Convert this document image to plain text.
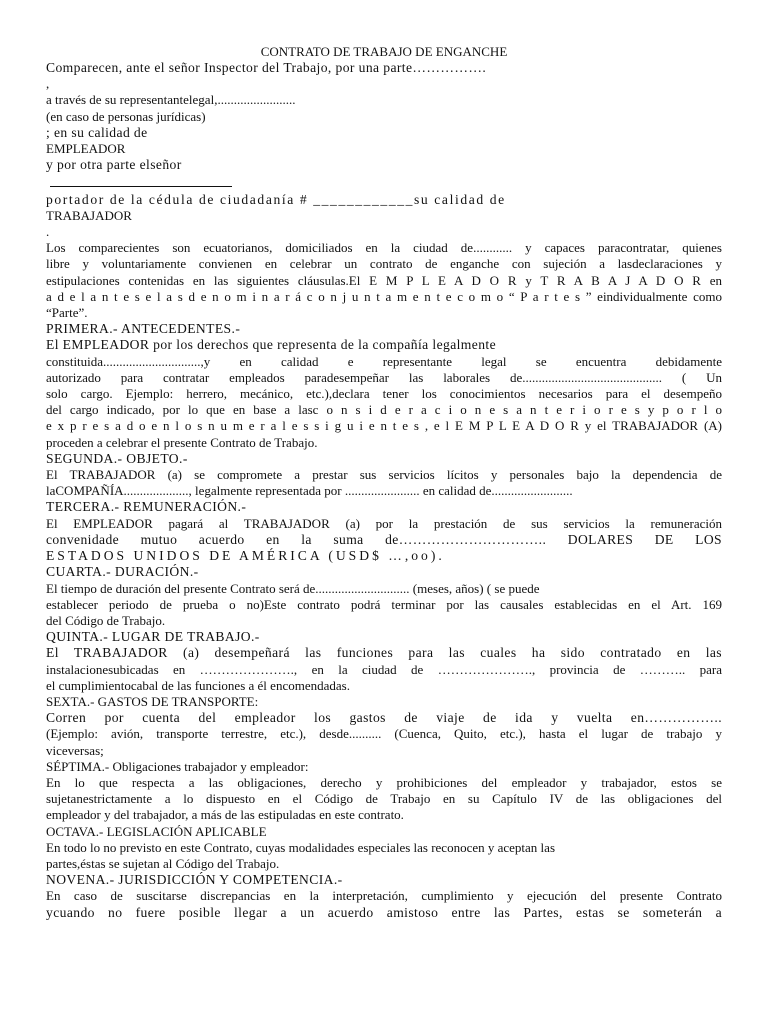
CONTRATO DE TRABAJO DE ENGANCHE

Comparecen, ante el señor Inspector del Trabajo, por una parte…………….
,
a través de su representantelegal,........................
(en caso de personas jurídicas)
; en su calidad de
EMPLEADOR
y por otra parte elseñor
portador de la cédula de ciudadanía # ____________su calidad de
TRABAJADOR
.
Los comparecientes son ecuatorianos, domiciliados en la ciudad de............ y capaces paracontratar, quienes
libre y voluntariamente convienen en celebrar un contrato de enganche con sujeción a lasdeclaraciones y
estipulaciones contenidas en las siguientes cláusulas.El E M P L E A D O R y T R A B A J A D O R en
a d e l a n t e s e l a s d e n o m i n a r á c o n j u n t a m e n t e c o m o “ P a r t e s ” eindividualmente como
“Parte”.
PRIMERA.- ANTECEDENTES.-
El EMPLEADOR por los derechos que representa de la compañía legalmente
constituida..............................,y en calidad e representante legal se encuentra debidamente
autorizado para contratar empleados paradesempeñar las laborales de........................................... ( Un
solo cargo. Ejemplo: herrero, mecánico, etc.),declara tener los conocimientos necesarios para el desempeño
del cargo indicado, por lo que en base a lasc o n s i d e r a c i o n e s a n t e r i o r e s y p o r l o
e x p r e s a d o e n l o s n u m e r a l e s s i g u i e n t e s , e l E M P L E A D O R y el TRABAJADOR (A)
proceden a celebrar el presente Contrato de Trabajo.
SEGUNDA.- OBJETO.-
El TRABAJADOR (a) se compromete a prestar sus servicios lícitos y personales bajo la dependencia de
laCOMPAÑÍA...................., legalmente representada por ....................... en calidad de.........................
TERCERA.- REMUNERACIÓN.-
El EMPLEADOR pagará al TRABAJADOR (a) por la prestación de sus servicios la remuneración
convenidade mutuo acuerdo en la suma de………………………….. DOLARES DE LOS
ESTADOS UNIDOS DE AMÉRICA (USD$ …,oo).
CUARTA.- DURACIÓN.-
El tiempo de duración del presente Contrato será de............................. (meses, años) ( se puede
establecer periodo de prueba o no)Este contrato podrá terminar por las causales establecidas en el Art. 169
del Código de Trabajo.
QUINTA.- LUGAR DE TRABAJO.-
El TRABAJADOR (a) desempeñará las funciones para las cuales ha sido contratado en las
instalacionesubicadas en …………………., en la ciudad de …………………., provincia de ……….. para
el cumplimientocabal de las funciones a él encomendadas.
SEXTA.- GASTOS DE TRANSPORTE:
Corren por cuenta del empleador los gastos de viaje de ida y vuelta en……………..
(Ejemplo: avión, transporte terrestre, etc.), desde.......... (Cuenca, Quito, etc.), hasta el lugar de trabajo y
viceversas;
SÉPTIMA.- Obligaciones trabajador y empleador:
En lo que respecta a las obligaciones, derecho y prohibiciones del empleador y trabajador, estos se
sujetanestrictamente a lo dispuesto en el Código de Trabajo en su Capítulo IV de las obligaciones del
empleador y del trabajador, a más de las estipuladas en este contrato.
OCTAVA.- LEGISLACIÓN APLICABLE
En todo lo no previsto en este Contrato, cuyas modalidades especiales las reconocen y aceptan las
partes,éstas se sujetan al Código del Trabajo.
NOVENA.- JURISDICCIÓN Y COMPETENCIA.-
En caso de suscitarse discrepancias en la interpretación, cumplimiento y ejecución del presente Contrato
ycuando no fuere posible llegar a un acuerdo amistoso entre las Partes, estas se someterán a
